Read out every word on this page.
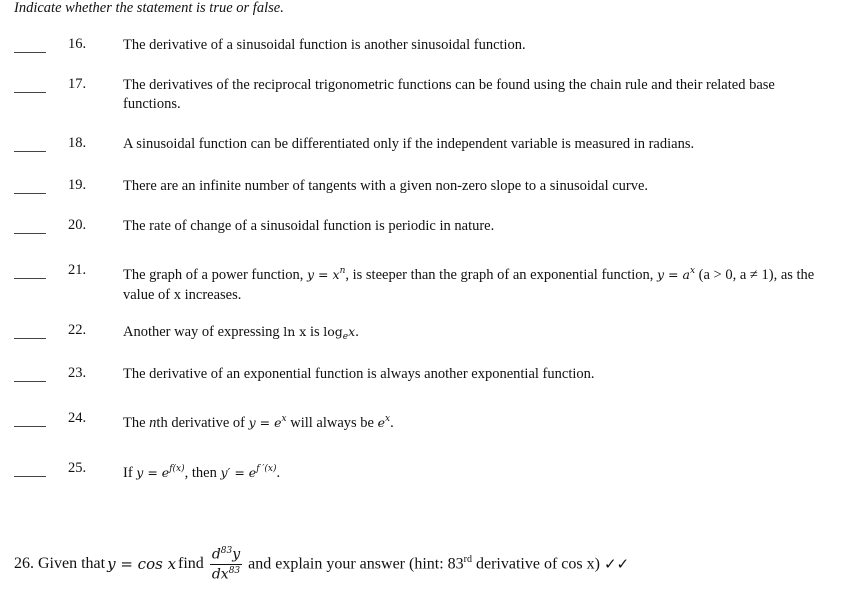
Indicate whether the statement is true or false.
16.	The derivative of a sinusoidal function is another sinusoidal function.
17.	The derivatives of the reciprocal trigonometric functions can be found using the chain rule and their related base functions.
18.	A sinusoidal function can be differentiated only if the independent variable is measured in radians.
19.	There are an infinite number of tangents with a given non-zero slope to a sinusoidal curve.
20.	The rate of change of a sinusoidal function is periodic in nature.
21.	The graph of a power function, $y = x^n$, is steeper than the graph of an exponential function, $y = a^x$ (a > 0, a ≠ 1), as the value of x increases.
22.	Another way of expressing ln x is $\log_ex$.
23.	The derivative of an exponential function is always another exponential function.
24.	The nth derivative of $y = e^x$ will always be $e^x$.
25.	If $y = e^{f(x)}$, then $y' = e^{f '(x)}$.
26. Given that y = cos x find $\frac{d^{83}y}{dx^{83}}$ and explain your answer (hint: 83rd derivative of cos x) ✓✓
